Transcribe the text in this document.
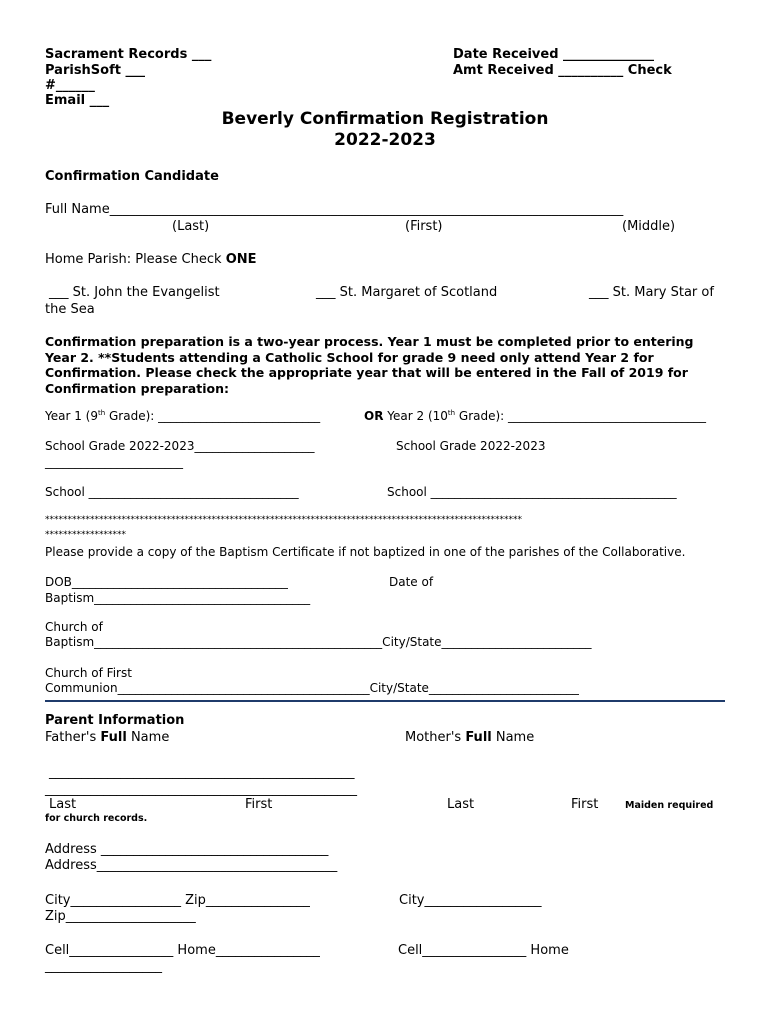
Sacrament Records ___
ParishSoft ___
#______
Email ___
Date Received ______________
Amt Received __________ Check
Beverly Confirmation Registration
2022-2023
Confirmation Candidate
Full Name_______________________________________________________________________________
(Last)	(First)	(Middle)
Home Parish: Please Check ONE
___ St. John the Evangelist	___ St. Margaret of Scotland	___ St. Mary Star of
the Sea
Confirmation preparation is a two-year process. Year 1 must be completed prior to entering Year 2. **Students attending a Catholic School for grade 9 need only attend Year 2 for Confirmation. Please check the appropriate year that will be entered in the Fall of 2019 for Confirmation preparation:
Year 1 (9th Grade): ___________________________	OR Year 2 (10th Grade): _________________________________
School Grade 2022-2023____________________
_______________________
School Grade 2022-2023
School ___________________________________	School _________________________________________
**********************************************************************************************************
******************
Please provide a copy of the Baptism Certificate if not baptized in one of the parishes of the Collaborative.
DOB____________________________________	Date of
Baptism____________________________________
Church of
Baptism________________________________________________City/State_________________________
Church of First
Communion__________________________________________City/State_________________________
Parent Information
Father's Full Name	Mother's Full Name
_______________________________________________
________________________________________________
Last	First	Last	First	Maiden required
for church records.
Address ___________________________________
Address_____________________________________
City_________________ Zip________________	City__________________
Zip____________________
Cell________________ Home________________	Cell________________ Home
__________________
